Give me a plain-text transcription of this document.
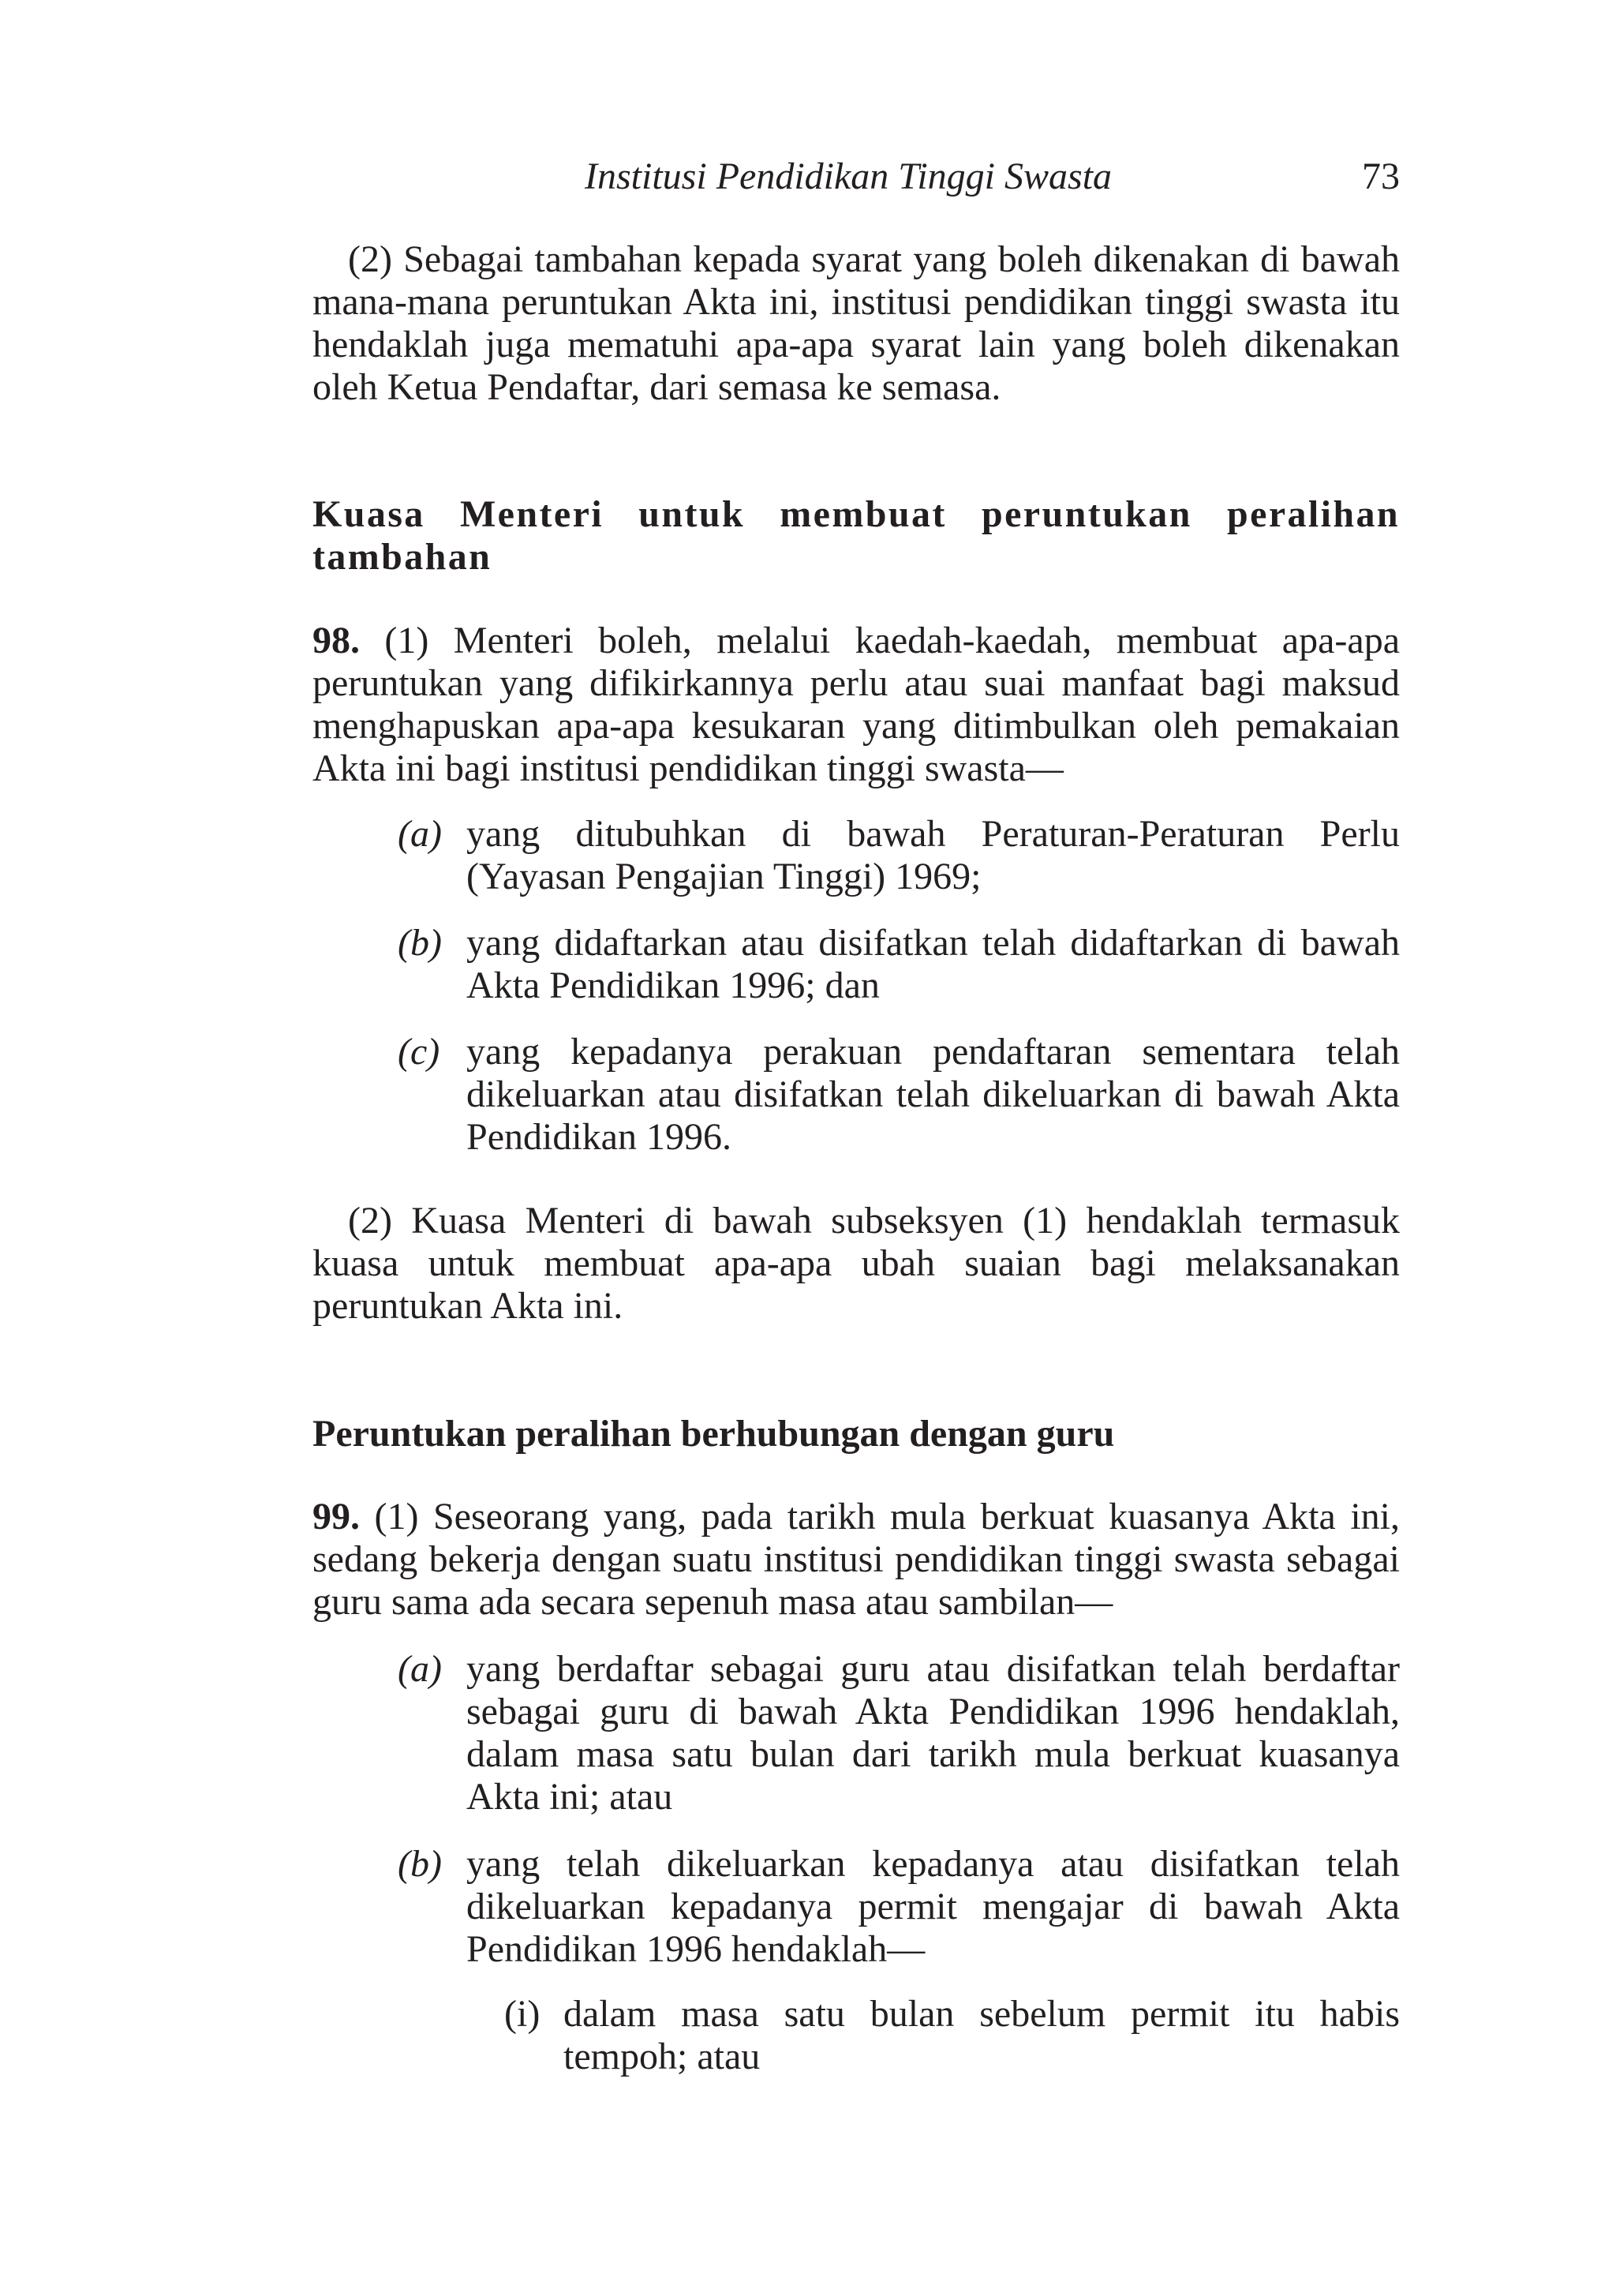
Institusi Pendidikan Tinggi Swasta	73

(2) Sebagai tambahan kepada syarat yang boleh dikenakan di bawah mana-mana peruntukan Akta ini, institusi pendidikan tinggi swasta itu hendaklah juga mematuhi apa-apa syarat lain yang boleh dikenakan oleh Ketua Pendaftar, dari semasa ke semasa.

Kuasa Menteri untuk membuat peruntukan peralihan tambahan

98. (1) Menteri boleh, melalui kaedah-kaedah, membuat apa-apa peruntukan yang difikirkannya perlu atau suai manfaat bagi maksud menghapuskan apa-apa kesukaran yang ditimbulkan oleh pemakaian Akta ini bagi institusi pendidikan tinggi swasta—

(a) yang ditubuhkan di bawah Peraturan-Peraturan Perlu (Yayasan Pengajian Tinggi) 1969;
(b) yang didaftarkan atau disifatkan telah didaftarkan di bawah Akta Pendidikan 1996; dan
(c) yang kepadanya perakuan pendaftaran sementara telah dikeluarkan atau disifatkan telah dikeluarkan di bawah Akta Pendidikan 1996.

(2) Kuasa Menteri di bawah subseksyen (1) hendaklah termasuk kuasa untuk membuat apa-apa ubah suaian bagi melaksanakan peruntukan Akta ini.

Peruntukan peralihan berhubungan dengan guru

99. (1) Seseorang yang, pada tarikh mula berkuat kuasanya Akta ini, sedang bekerja dengan suatu institusi pendidikan tinggi swasta sebagai guru sama ada secara sepenuh masa atau sambilan—

(a) yang berdaftar sebagai guru atau disifatkan telah berdaftar sebagai guru di bawah Akta Pendidikan 1996 hendaklah, dalam masa satu bulan dari tarikh mula berkuat kuasanya Akta ini; atau
(b) yang telah dikeluarkan kepadanya atau disifatkan telah dikeluarkan kepadanya permit mengajar di bawah Akta Pendidikan 1996 hendaklah—
(i) dalam masa satu bulan sebelum permit itu habis tempoh; atau
